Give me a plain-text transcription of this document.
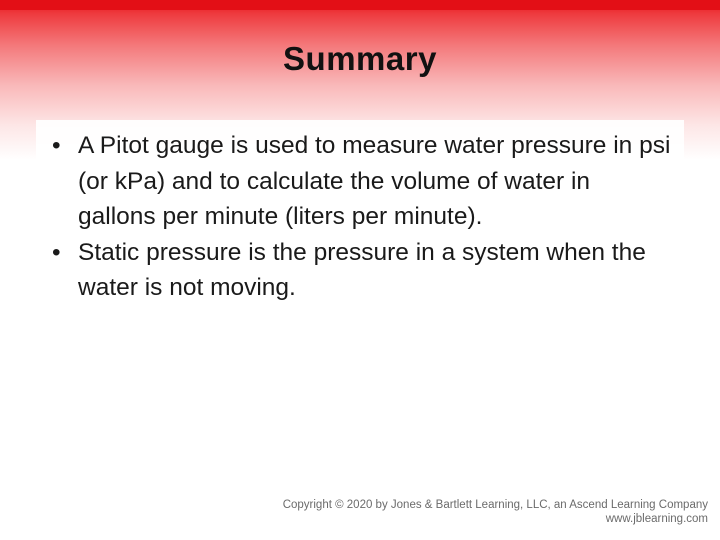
Summary
• A Pitot gauge is used to measure water pressure in psi (or kPa) and to calculate the volume of water in gallons per minute (liters per minute).
• Static pressure is the pressure in a system when the water is not moving.
Copyright © 2020 by Jones & Bartlett Learning, LLC, an Ascend Learning Company
www.jblearning.com
